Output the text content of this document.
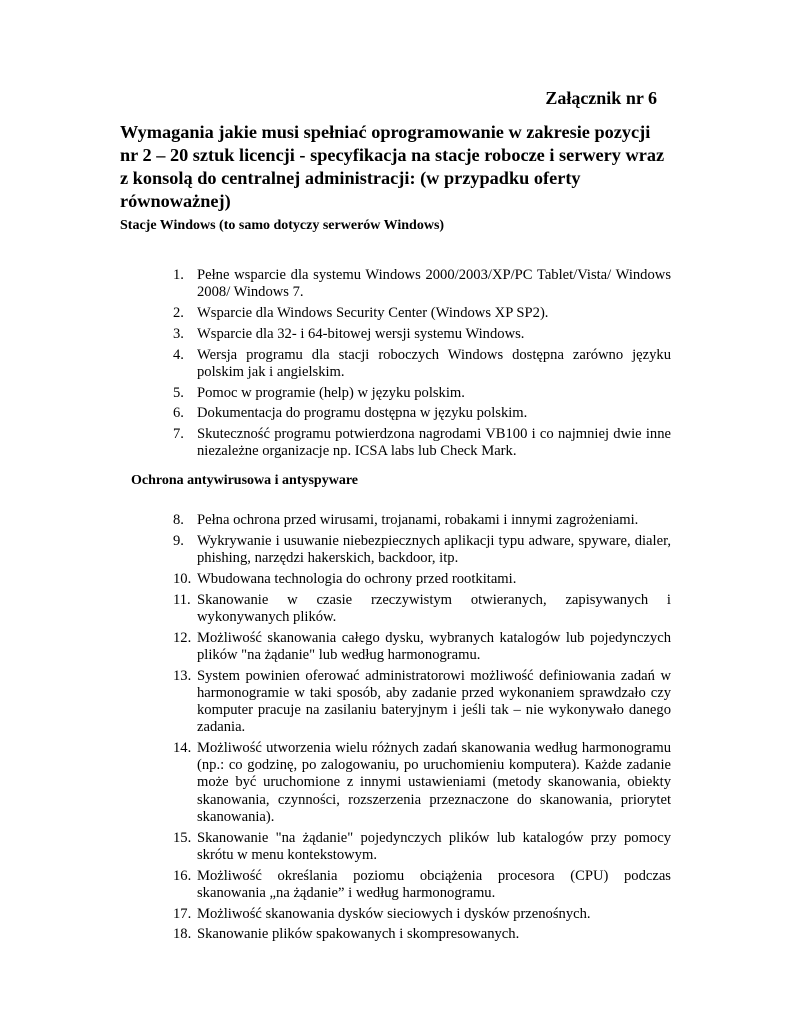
Załącznik nr 6
Wymagania jakie musi spełniać oprogramowanie w zakresie pozycji nr 2 – 20 sztuk licencji - specyfikacja na stacje robocze i serwery wraz z konsolą do centralnej administracji: (w przypadku oferty równoważnej)
Stacje Windows (to samo dotyczy serwerów Windows)
1. Pełne wsparcie dla systemu Windows 2000/2003/XP/PC Tablet/Vista/ Windows 2008/ Windows 7.
2. Wsparcie dla Windows Security Center (Windows XP SP2).
3. Wsparcie dla 32- i 64-bitowej wersji systemu Windows.
4. Wersja programu dla stacji roboczych Windows dostępna zarówno języku polskim jak i angielskim.
5. Pomoc w programie (help) w języku polskim.
6. Dokumentacja do programu dostępna w języku polskim.
7. Skuteczność programu potwierdzona nagrodami VB100 i co najmniej dwie inne niezależne organizacje np. ICSA labs lub Check Mark.
Ochrona antywirusowa i antyspyware
8. Pełna ochrona przed wirusami, trojanami, robakami i innymi zagrożeniami.
9. Wykrywanie i usuwanie niebezpiecznych aplikacji typu adware, spyware, dialer, phishing, narzędzi hakerskich, backdoor, itp.
10. Wbudowana technologia do ochrony przed rootkitami.
11. Skanowanie w czasie rzeczywistym otwieranych, zapisywanych i wykonywanych plików.
12. Możliwość skanowania całego dysku, wybranych katalogów lub pojedynczych plików "na żądanie" lub według harmonogramu.
13. System powinien oferować administratorowi możliwość definiowania zadań w harmonogramie w taki sposób, aby zadanie przed wykonaniem sprawdzało czy komputer pracuje na zasilaniu bateryjnym i jeśli tak – nie wykonywało danego zadania.
14. Możliwość utworzenia wielu różnych zadań skanowania według harmonogramu (np.: co godzinę, po zalogowaniu, po uruchomieniu komputera). Każde zadanie może być uruchomione z innymi ustawieniami (metody skanowania, obiekty skanowania, czynności, rozszerzenia przeznaczone do skanowania, priorytet skanowania).
15. Skanowanie "na żądanie" pojedynczych plików lub katalogów przy pomocy skrótu w menu kontekstowym.
16. Możliwość określania poziomu obciążenia procesora (CPU) podczas skanowania „na żądanie” i według harmonogramu.
17. Możliwość skanowania dysków sieciowych i dysków przenośnych.
18. Skanowanie plików spakowanych i skompresowanych.
